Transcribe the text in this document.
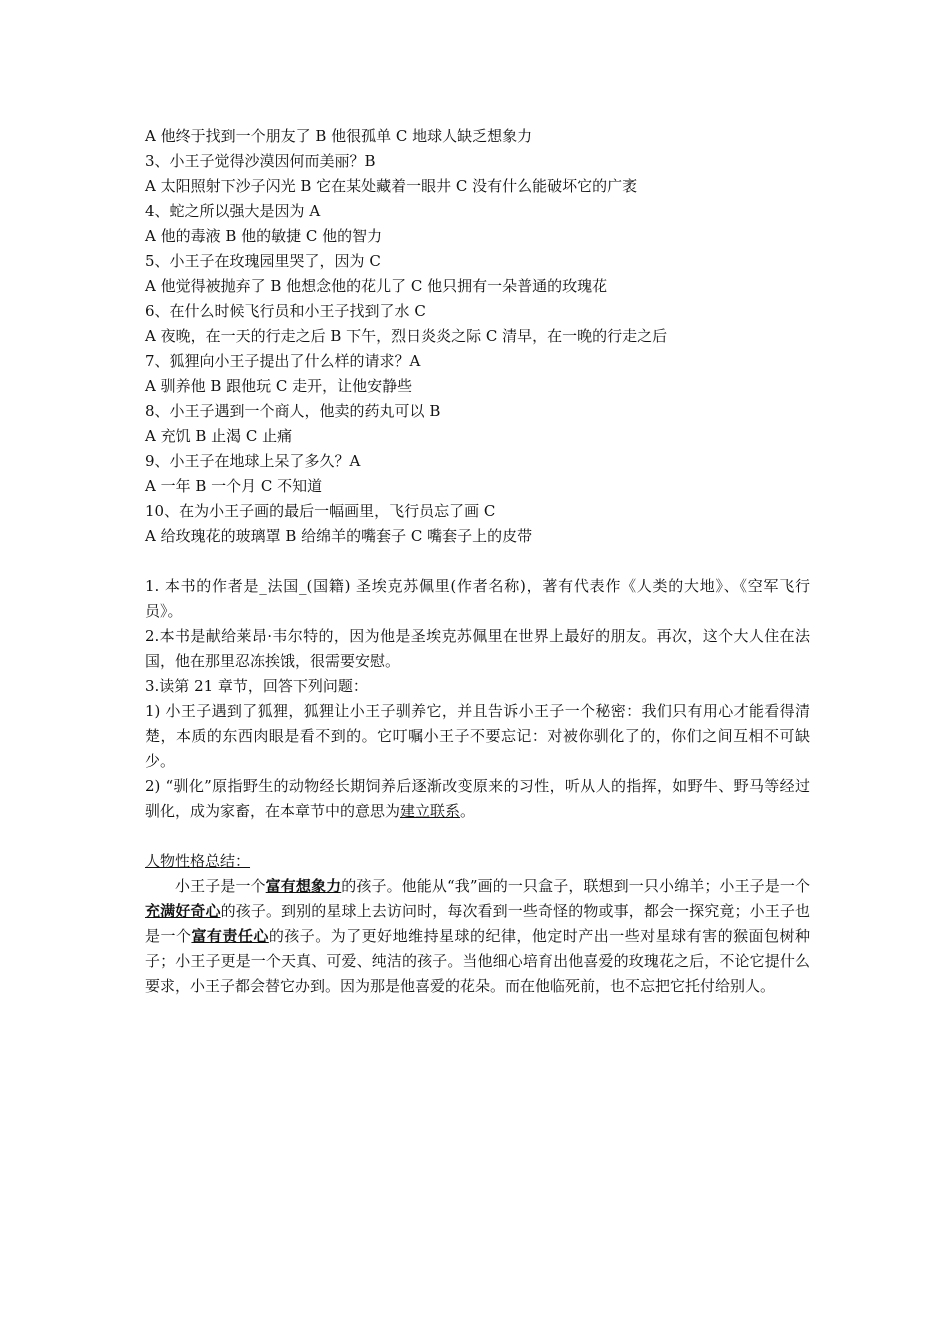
A 他终于找到一个朋友了 B 他很孤单 C 地球人缺乏想象力
3、小王子觉得沙漠因何而美丽？B
A 太阳照射下沙子闪光 B 它在某处藏着一眼井 C 没有什么能破坏它的广袤
4、蛇之所以强大是因为 A
A 他的毒液 B 他的敏捷 C 他的智力
5、小王子在玫瑰园里哭了，因为 C
A 他觉得被抛弃了 B 他想念他的花儿了 C 他只拥有一朵普通的玫瑰花
6、在什么时候飞行员和小王子找到了水 C
A 夜晚，在一天的行走之后 B 下午，烈日炎炎之际 C 清早，在一晚的行走之后
7、狐狸向小王子提出了什么样的请求？A
A 驯养他 B 跟他玩 C 走开，让他安静些
8、小王子遇到一个商人，他卖的药丸可以 B
A 充饥 B 止渴 C 止痛
9、小王子在地球上呆了多久？A
A 一年 B 一个月 C 不知道
10、在为小王子画的最后一幅画里，飞行员忘了画 C
A 给玫瑰花的玻璃罩 B 给绵羊的嘴套子 C 嘴套子上的皮带
1. 本书的作者是_法国_(国籍) 圣埃克苏佩里(作者名称)，著有代表作《人类的大地》、《空军飞行员》。
2.本书是献给莱昂·韦尔特的，因为他是圣埃克苏佩里在世界上最好的朋友。再次，这个大人住在法国，他在那里忍冻挨饿，很需要安慰。
3.读第 21 章节，回答下列问题：
1) 小王子遇到了狐狸，狐狸让小王子驯养它，并且告诉小王子一个秘密：我们只有用心才能看得清楚，本质的东西肉眼是看不到的。它叮嘱小王子不要忘记：对被你驯化了的，你们之间互相不可缺少。
2) “驯化”原指野生的动物经长期饲养后逐渐改变原来的习性，听从人的指挥，如野牛、野马等经过驯化，成为家畜，在本章节中的意思为建立联系。
人物性格总结：
小王子是一个富有想象力的孩子。他能从“我”画的一只盒子，联想到一只小绵羊；小王子是一个充满好奇心的孩子。到别的星球上去访问时，每次看到一些奇怪的物或事，都会一探究竟；小王子也是一个富有责任心的孩子。为了更好地维持星球的纪律，他定时产出一些对星球有害的猴面包树种子；小王子更是一个天真、可爱、纯洁的孩子。当他细心培育出他喜爱的玫瑰花之后，不论它提什么要求，小王子都会替它办到。因为那是他喜爱的花朵。而在他临死前，也不忘把它托付给别人。
